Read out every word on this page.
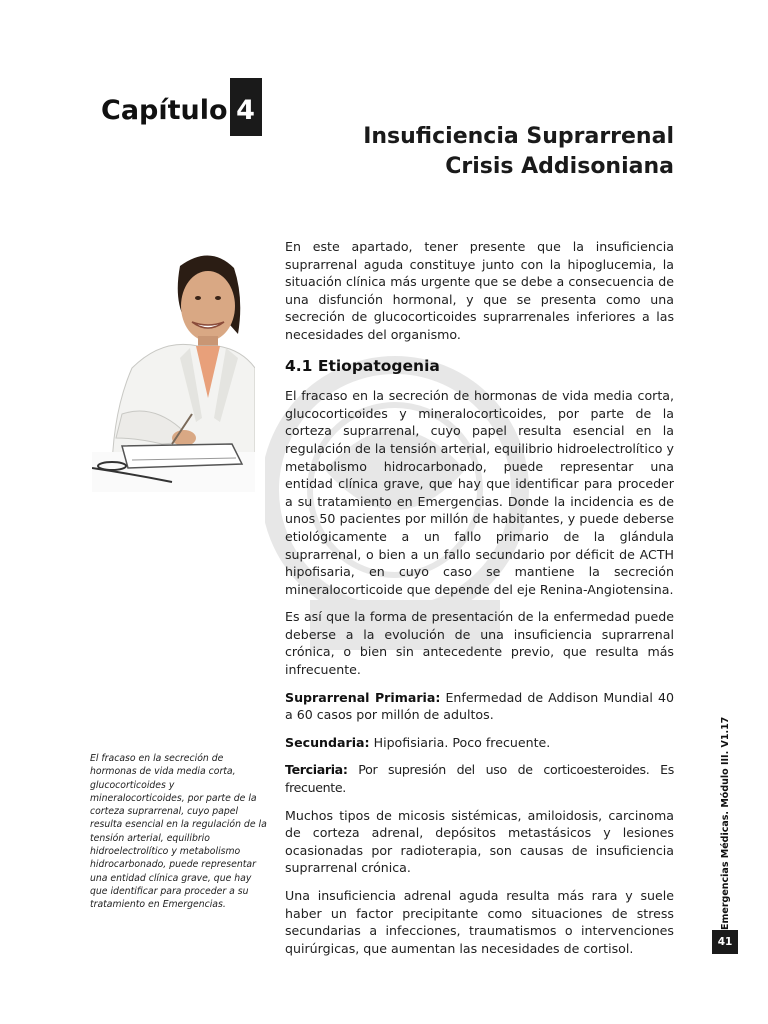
Capítulo 4
Insuficiencia Suprarrenal
Crisis Addisoniana

En este apartado, tener presente que la insuficiencia suprarrenal aguda constituye junto con la hipoglucemia, la situación clínica más urgente que se debe a consecuencia de una disfunción hormonal, y que se presenta como una secreción de glucocorticoides suprarrenales inferiores a las necesidades del organismo.

4.1 Etiopatogenia

El fracaso en la secreción de hormonas de vida media corta, glucocorticoides y mineralocorticoides, por parte de la corteza suprarrenal, cuyo papel resulta esencial en la regulación de la tensión arterial, equilibrio hidroelectrolítico y metabolismo hidrocarbonado, puede representar una entidad clínica grave, que hay que identificar para proceder a su tratamiento en Emergencias. Donde la incidencia es de unos 50 pacientes por millón de habitantes, y puede deberse etiológicamente a un fallo primario de la glándula suprarrenal, o bien a un fallo secundario por déficit de ACTH hipofisaria, en cuyo caso se mantiene la secreción mineralocorticoide que depende del eje Renina-Angiotensina.

Es así que la forma de presentación de la enfermedad puede deberse a la evolución de una insuficiencia suprarrenal crónica, o bien sin antecedente previo, que resulta más infrecuente.

Suprarrenal Primaria: Enfermedad de Addison Mundial 40 a 60 casos por millón de adultos.

Secundaria: Hipofisiaria. Poco frecuente.

Terciaria: Por supresión del uso de corticoesteroides. Es frecuente.

Muchos tipos de micosis sistémicas, amiloidosis, carcinoma de corteza adrenal, depósitos metastásicos y lesiones ocasionadas por radioterapia, son causas de insuficiencia suprarrenal crónica.

Una insuficiencia adrenal aguda resulta más rara y suele haber un factor precipitante como situaciones de stress secundarias a infecciones, traumatismos o intervenciones quirúrgicas, que aumentan las necesidades de cortisol.

El fracaso en la secreción de hormonas de vida media corta, glucocorticoides y mineralocorticoides, por parte de la corteza suprarrenal, cuyo papel resulta esencial en la regulación de la tensión arterial, equilibrio hidroelectrolítico y metabolismo hidrocarbonado, puede representar una entidad clínica grave, que hay que identificar para proceder a su tratamiento en Emergencias.	Emergencias Médicas. Módulo III. V1.17
41
